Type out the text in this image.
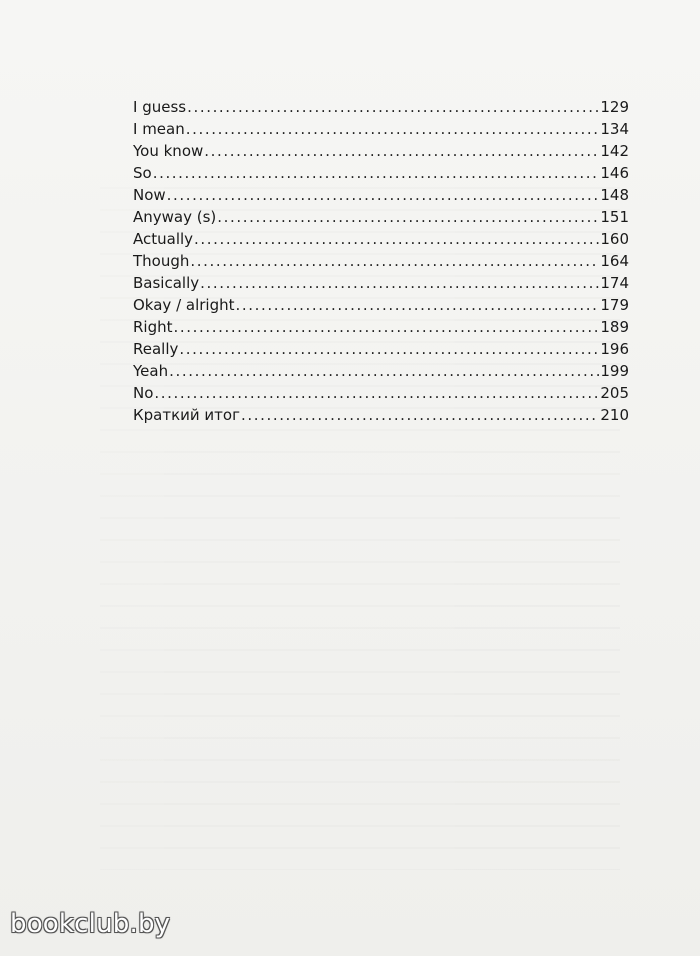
I guess .....	129
I mean .....	134
You know .....	142
So .....	146
Now .....	148
Anyway (s) .....	151
Actually .....	160
Though .....	164
Basically .....	174
Okay / alright .....	179
Right .....	189
Really .....	196
Yeah .....	199
No .....	205
Краткий итог .....	210
bookclub.by
